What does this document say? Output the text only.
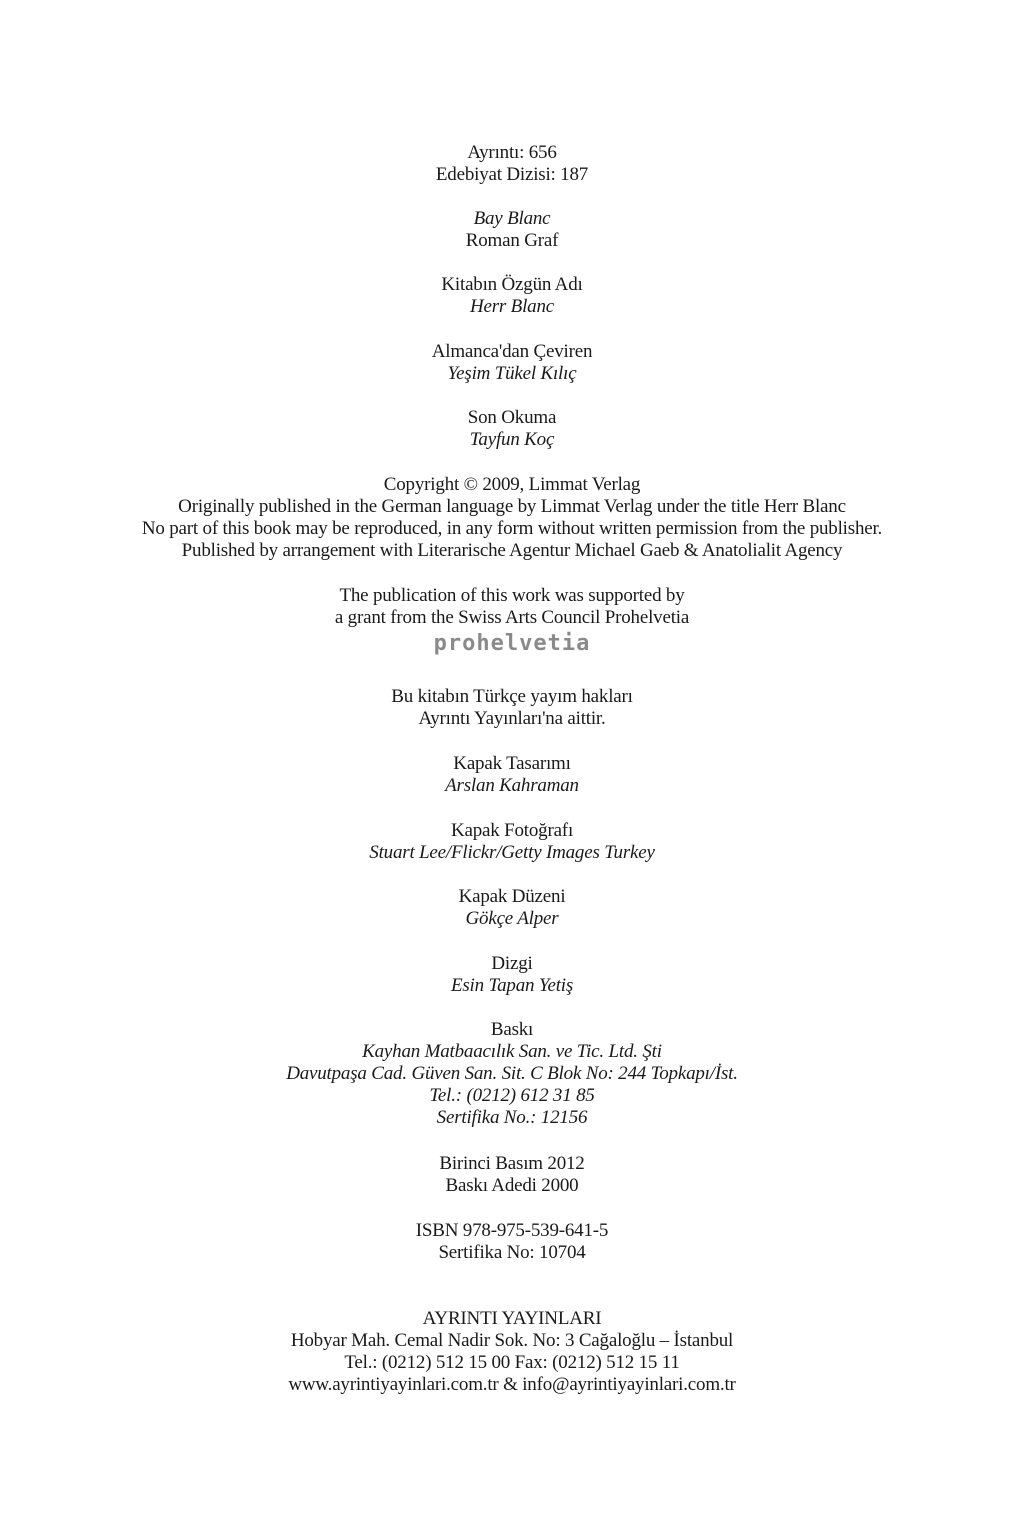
Ayrıntı: 656
Edebiyat Dizisi: 187
Bay Blanc
Roman Graf
Kitabın Özgün Adı
Herr Blanc
Almanca'dan Çeviren
Yeşim Tükel Kılıç
Son Okuma
Tayfun Koç
Copyright © 2009, Limmat Verlag
Originally published in the German language by Limmat Verlag under the title Herr Blanc
No part of this book may be reproduced, in any form without written permission from the publisher.
Published by arrangement with Literarische Agentur Michael Gaeb & Anatolialit Agency
The publication of this work was supported by
a grant from the Swiss Arts Council Prohelvetia
prohelvetia
Bu kitabın Türkçe yayım hakları
Ayrıntı Yayınları'na aittir.
Kapak Tasarımı
Arslan Kahraman
Kapak Fotoğrafı
Stuart Lee/Flickr/Getty Images Turkey
Kapak Düzeni
Gökçe Alper
Dizgi
Esin Tapan Yetiş
Baskı
Kayhan Matbaacılık San. ve Tic. Ltd. Şti
Davutpaşa Cad. Güven San. Sit. C Blok No: 244 Topkapı/İst.
Tel.: (0212) 612 31 85
Sertifika No.: 12156
Birinci Basım 2012
Baskı Adedi 2000
ISBN 978-975-539-641-5
Sertifika No: 10704
AYRINTI YAYINLARI
Hobyar Mah. Cemal Nadir Sok. No: 3 Cağaloğlu – İstanbul
Tel.: (0212) 512 15 00 Fax: (0212) 512 15 11
www.ayrintiyayinlari.com.tr & info@ayrintiyayinlari.com.tr
